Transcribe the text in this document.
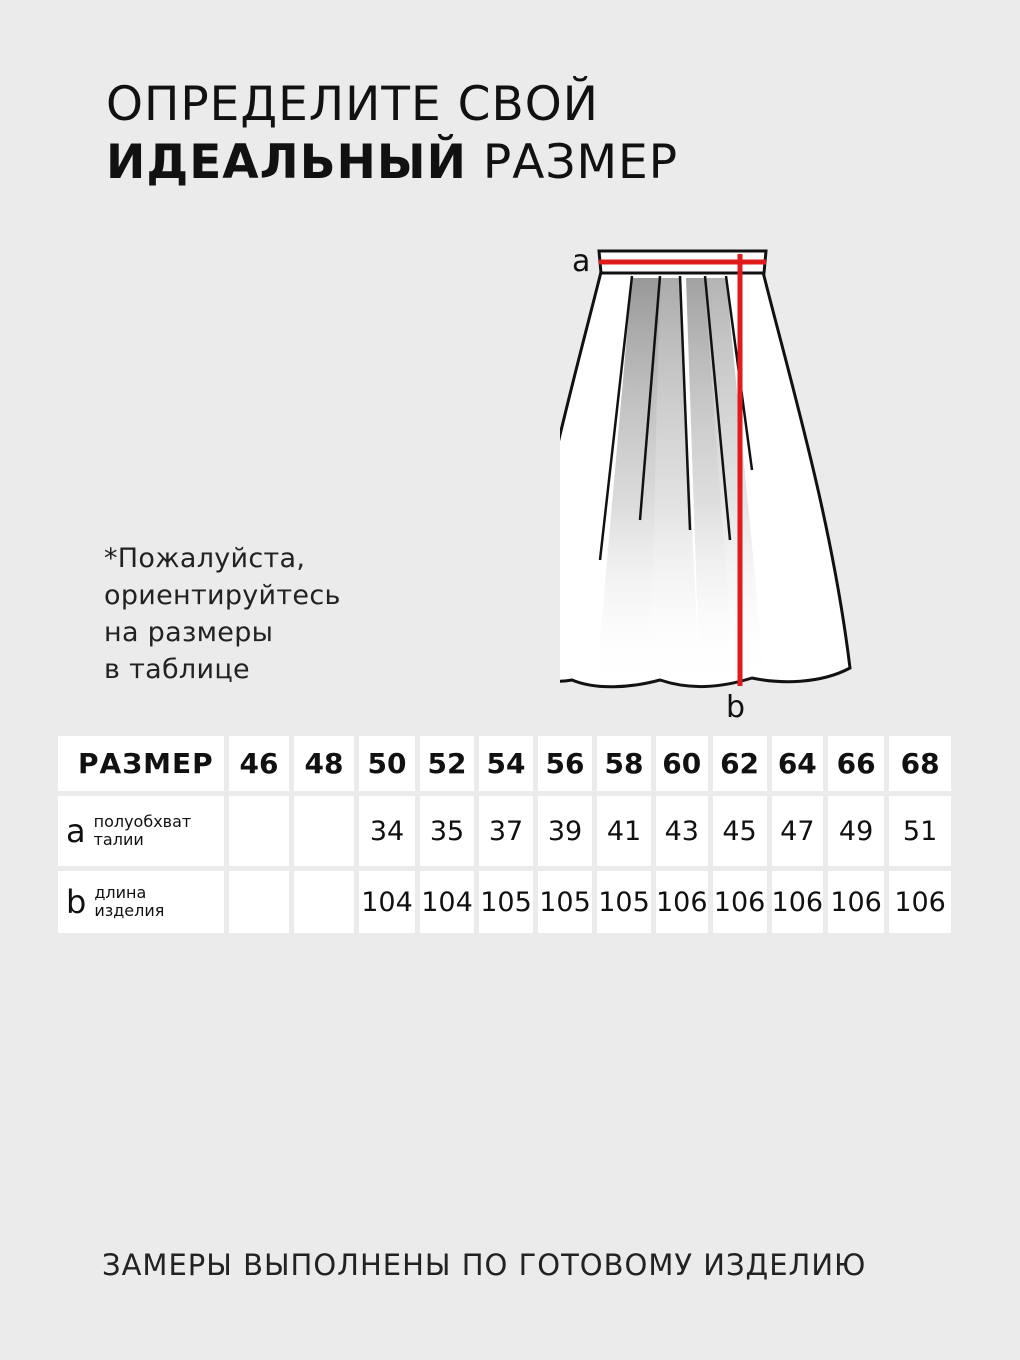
ОПРЕДЕЛИТЕ СВОЙ
ИДЕАЛЬНЫЙ РАЗМЕР
*Пожалуйста,
ориентируйтесь
на размеры
в таблице
a
b
РАЗМЕР	46	48	50	52	54	56	58	60	62	64	66	68

a полуобхват
талии			34	35	37	39	41	43	45	47	49	51

b длина
изделия			104	104	105	105	105	106	106	106	106	106
ЗАМЕРЫ ВЫПОЛНЕНЫ ПО ГОТОВОМУ ИЗДЕЛИЮ
